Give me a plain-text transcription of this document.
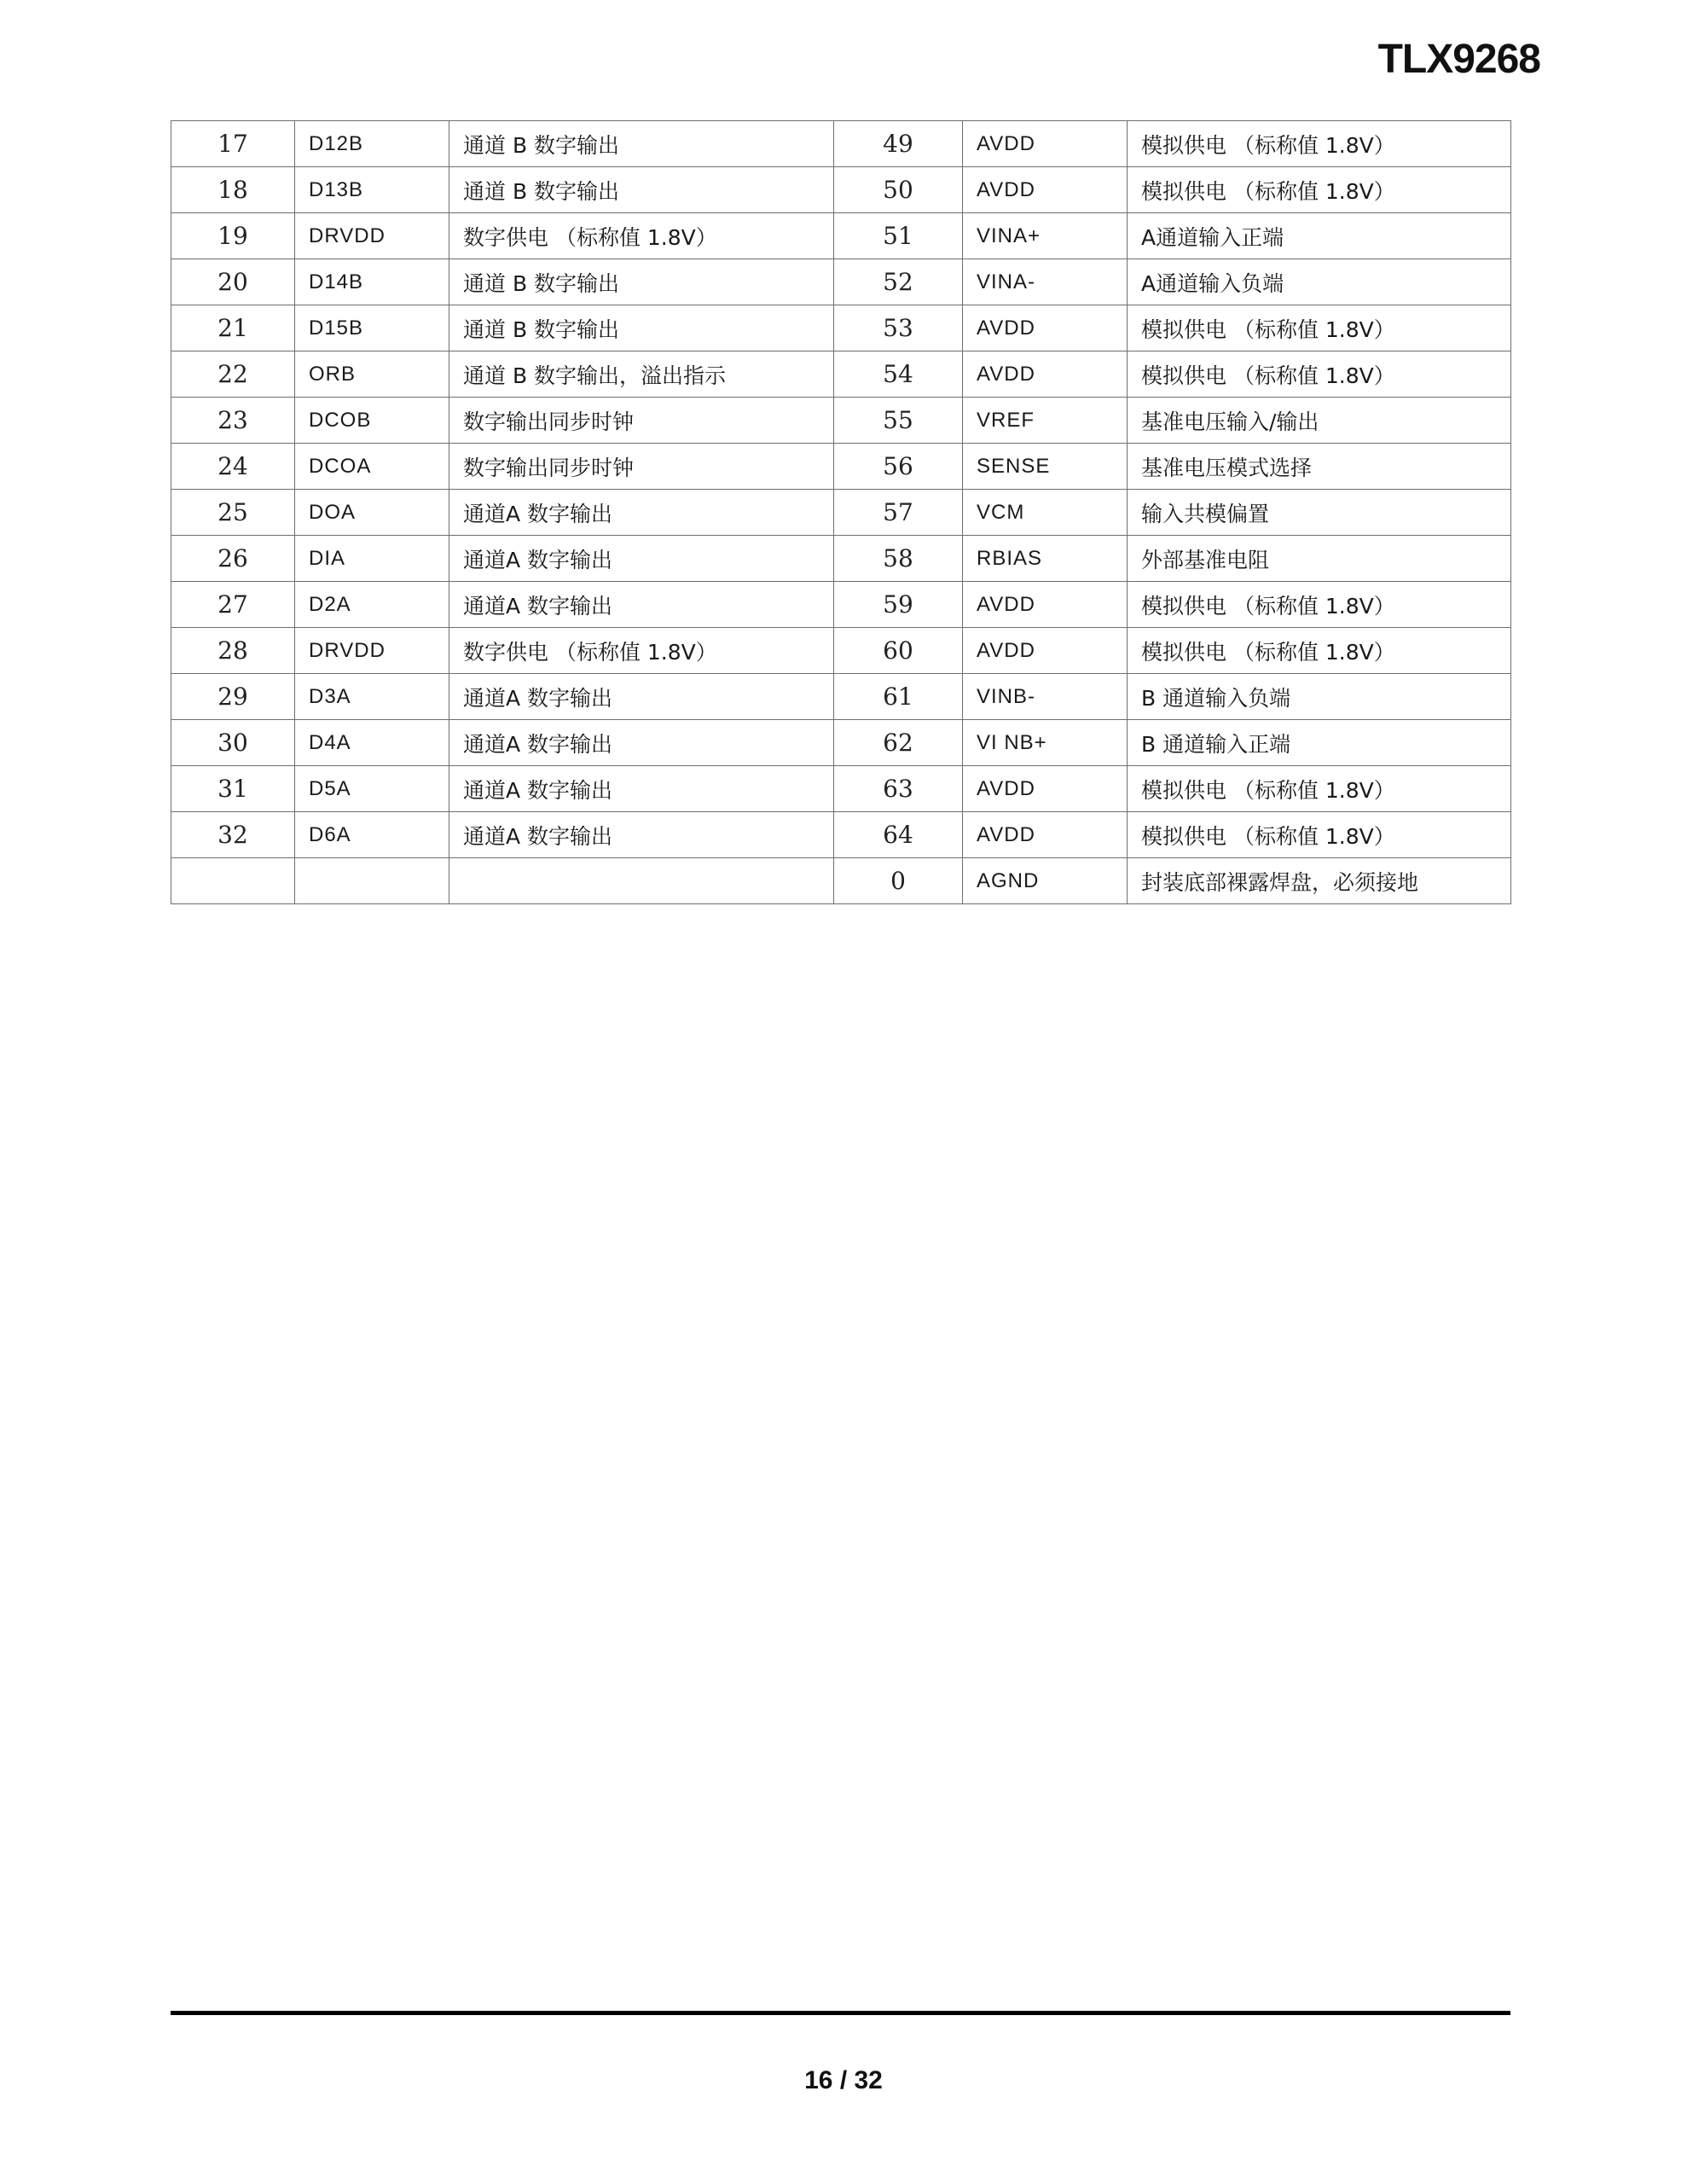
TLX9268
17	D12B	通道 B 数字输出	49	AVDD	模拟供电 （标称值 1.8V）
18	D13B	通道 B 数字输出	50	AVDD	模拟供电 （标称值 1.8V）
19	DRVDD	数字供电 （标称值 1.8V）	51	VINA+	A通道输入正端
20	D14B	通道 B 数字输出	52	VINA-	A通道输入负端
21	D15B	通道 B 数字输出	53	AVDD	模拟供电 （标称值 1.8V）
22	ORB	通道 B 数字输出，溢出指示	54	AVDD	模拟供电 （标称值 1.8V）
23	DCOB	数字输出同步时钟	55	VREF	基准电压输入/输出
24	DCOA	数字输出同步时钟	56	SENSE	基准电压模式选择
25	DOA	通道A 数字输出	57	VCM	输入共模偏置
26	DIA	通道A 数字输出	58	RBIAS	外部基准电阻
27	D2A	通道A 数字输出	59	AVDD	模拟供电 （标称值 1.8V）
28	DRVDD	数字供电 （标称值 1.8V）	60	AVDD	模拟供电 （标称值 1.8V）
29	D3A	通道A 数字输出	61	VINB-	B 通道输入负端
30	D4A	通道A 数字输出	62	VI NB+	B 通道输入正端
31	D5A	通道A 数字输出	63	AVDD	模拟供电 （标称值 1.8V）
32	D6A	通道A 数字输出	64	AVDD	模拟供电 （标称值 1.8V）
			0	AGND	封装底部裸露焊盘，必须接地
16 / 32
